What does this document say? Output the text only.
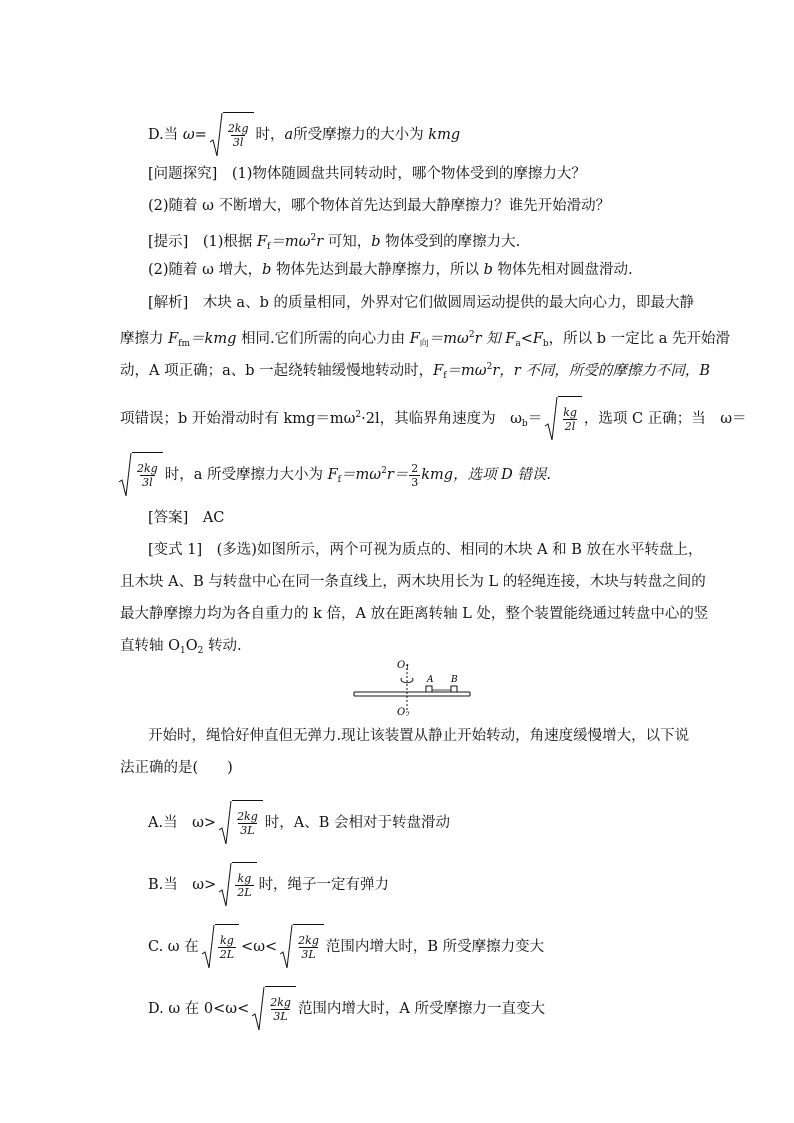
D.当 $\omega= \frac{2kg}{3l}$ 时，a所受摩擦力的大小为 kmg
[问题探究]　(1)物体随圆盘共同转动时，哪个物体受到的摩擦力大？
(2)随着 ω 不断增大，哪个物体首先达到最大静摩擦力？谁先开始滑动？
[提示]　(1)根据 $F_f=m\omega^2r$ 可知，b 物体受到的摩擦力大.
(2)随着 ω 增大，b 物体先达到最大静摩擦力，所以 b 物体先相对圆盘滑动.
[解析]　木块 a、b 的质量相同，外界对它们做圆周运动提供的最大向心力，即最大静
摩擦力 $F_{fm}=kmg$ 相同.它们所需的向心力由 $F_向=m\omega^2r$ 知 $F_a<F_b$，所以 b 一定比 a 先开始滑
动，A 项正确；a、b 一起绕转轴缓慢地转动时，$F_f=m\omega^2r$，r 不同，所受的摩擦力不同，B
项错误；b 开始滑动时有 $kmg=m\omega^2\cdot 2l$，其临界角速度为　$\omega_b= \frac{kg}{2l}$ ，选项 C 正确；当　ω＝
$\frac{2kg}{3l}$ 时，a 所受摩擦力大小为 $F_f=m\omega^2r= \frac{2}{3}$ kmg，选项 D 错误.
[答案]　AC
[变式 1]　(多选)如图所示，两个可视为质点的、相同的木块 A 和 B 放在水平转盘上，
且木块 A、B 与转盘中心在同一条直线上，两木块用长为 L 的轻绳连接，木块与转盘之间的
最大静摩擦力均为各自重力的 k 倍，A 放在距离转轴 L 处，整个装置能绕通过转盘中心的竖
直转轴 $O_1O_2$ 转动.
$O_1$
$O_2$
A B
开始时，绳恰好伸直但无弹力.现让该装置从静止开始转动，角速度缓慢增大，以下说
法正确的是(　　)
A.当　$\omega> \frac{2kg}{3L}$ 时，A、B 会相对于转盘滑动
B.当　$\omega> \frac{kg}{2L}$ 时，绳子一定有弹力
C. ω 在 $\frac{kg}{2L} <\omega< \frac{2kg}{3L}$ 范围内增大时，B 所受摩擦力变大
D. ω 在 $0<\omega< \frac{2kg}{3L}$ 范围内增大时，A 所受摩擦力一直变大
